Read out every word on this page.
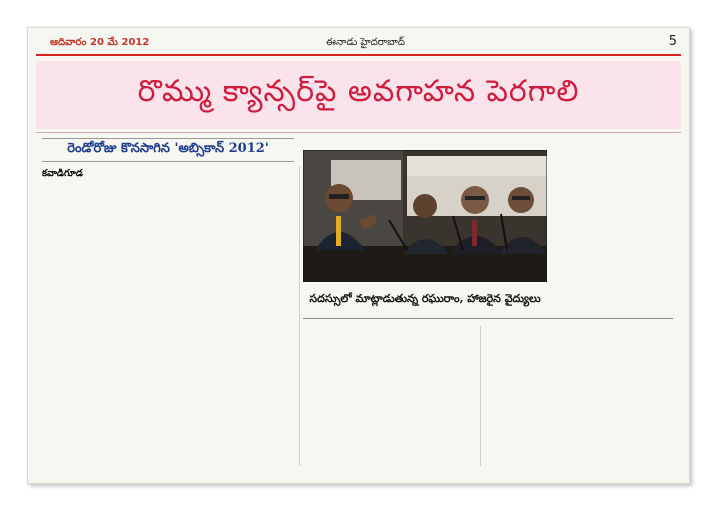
ఆదివారం 20 మే 2012	ఈనాడు హైదరాబాద్	5
రొమ్ము క్యాన్సర్‌పై అవగాహన పెరగాలి
రెండోరోజు కొనసాగిన 'అబ్సికాన్ 2012'
కవాడిగూడ
సదస్సులో మాట్లాడుతున్న రఘురాం, హాజరైన వైద్యులు
